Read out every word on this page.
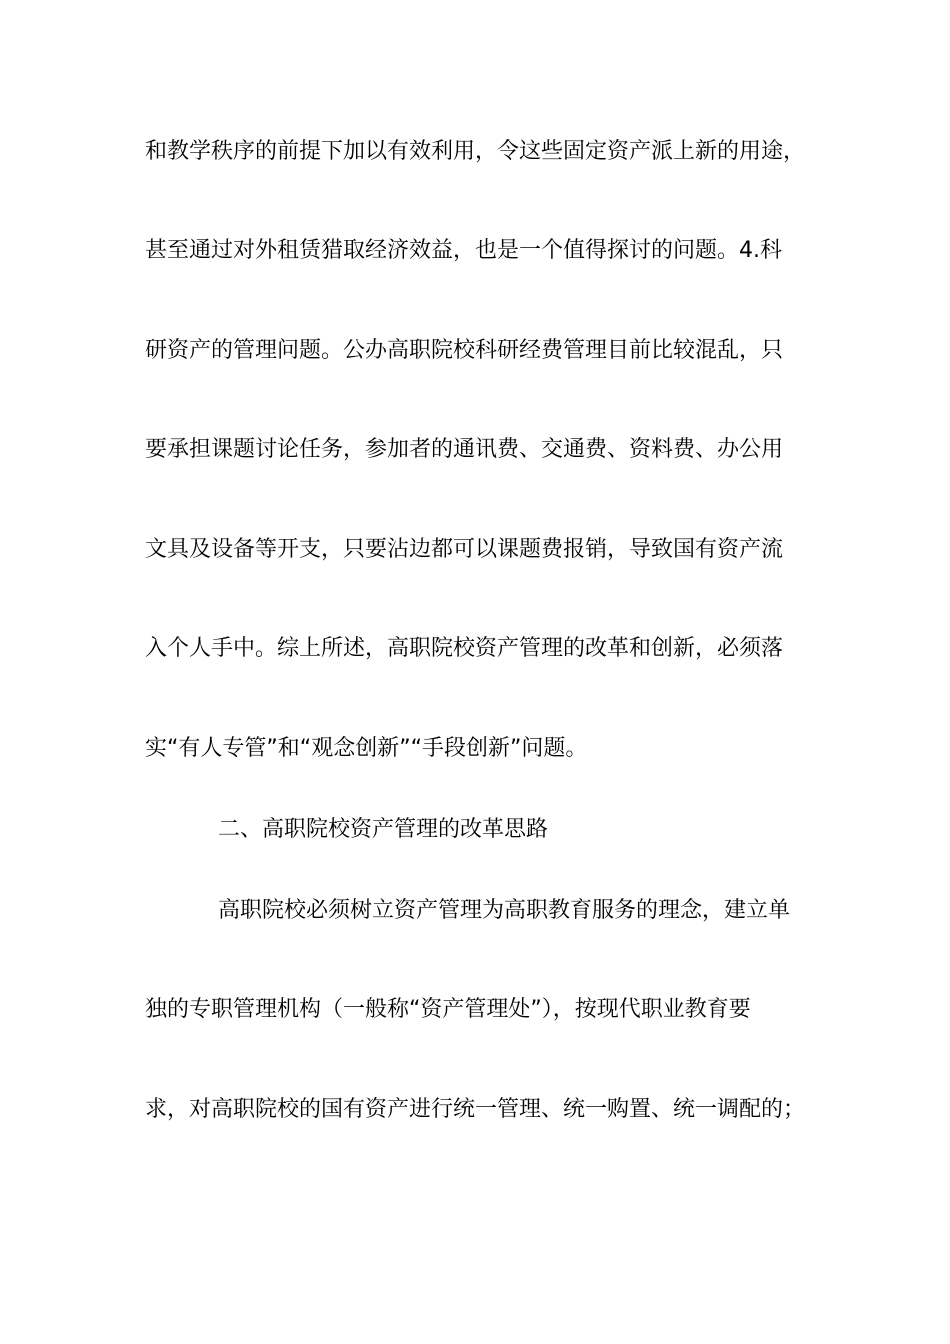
和教学秩序的前提下加以有效利用，令这些固定资产派上新的用途，
甚至通过对外租赁猎取经济效益，也是一个值得探讨的问题。4.科
研资产的管理问题。公办高职院校科研经费管理目前比较混乱，只
要承担课题讨论任务，参加者的通讯费、交通费、资料费、办公用
文具及设备等开支，只要沾边都可以课题费报销，导致国有资产流
入个人手中。综上所述，高职院校资产管理的改革和创新，必须落
实“有人专管”和“观念创新”“手段创新”问题。
二、高职院校资产管理的改革思路
高职院校必须树立资产管理为高职教育服务的理念，建立单
独的专职管理机构（一般称“资产管理处”），按现代职业教育要
求，对高职院校的国有资产进行统一管理、统一购置、统一调配的；
